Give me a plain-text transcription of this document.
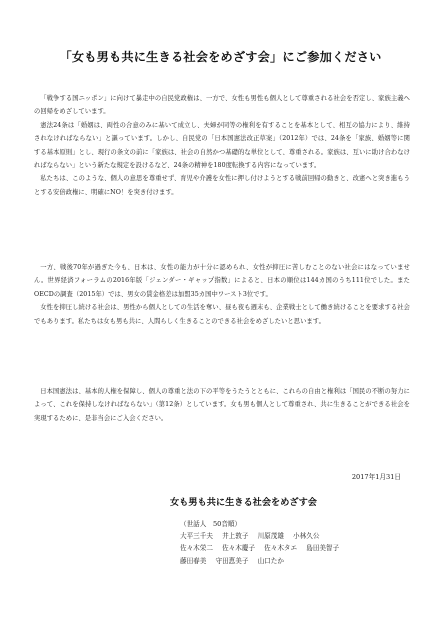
「女も男も共に生きる社会をめざす会」にご参加ください

「戦争する国ニッポン」に向けて暴走中の自民党政権は、一方で、女性も男性も個人として尊重される社会を否定し、家族主義への回帰をめざしています。

憲法24条は「婚姻は、両性の合意のみに基いて成立し、夫婦が同等の権利を有することを基本として、相互の協力により、維持されなければならない」と謳っています。しかし、自民党の「日本国憲法改正草案」（2012年）では、24条を「家族、婚姻等に関する基本原則」とし、現行の条文の前に「家族は、社会の自然かつ基礎的な単位として、尊重される。家族は、互いに助け合わなければならない」という新たな規定を設けるなど、24条の精神を180度転換する内容になっています。

私たちは、このような、個人の意思を尊重せず、育児や介護を女性に押し付けようとする戦前回帰の動きと、改憲へと突き進もうとする安倍政権に、明確にNO！を突き付けます。

一方、戦後70年が過ぎた今も、日本は、女性の能力が十分に認められ、女性が抑圧に苦しむことのない社会にはなっていません。世界経済フォーラムの2016年版「ジェンダー・ギャップ指数」によると、日本の順位は144カ国のうち111位でした。またOECDの調査（2015年）では、男女の賃金格差は加盟35カ国中ワースト3位です。

女性を抑圧し続ける社会は、男性から個人としての生活を奪い、昼も夜も週末も、企業戦士として働き続けることを要求する社会でもあります。私たちは女も男も共に、人間らしく生きることのできる社会をめざしたいと思います。

日本国憲法は、基本的人権を保障し、個人の尊重と法の下の平等をうたうとともに、これらの自由と権利は「国民の不断の努力によって、これを保持しなければならない」（第12条）としています。女も男も個人として尊重され、共に生きることができる社会を実現するために、是非当会にご入会ください。

2017年1月31日
女も男も共に生きる社会をめざす会
（世話人　50音順）
大平三千夫 井上敦子 川原茂雄 小林久公
佐々木栄二 佐々木慶子 佐々木タエ 島田美智子
藤田春美 守田恵美子 山口たか
